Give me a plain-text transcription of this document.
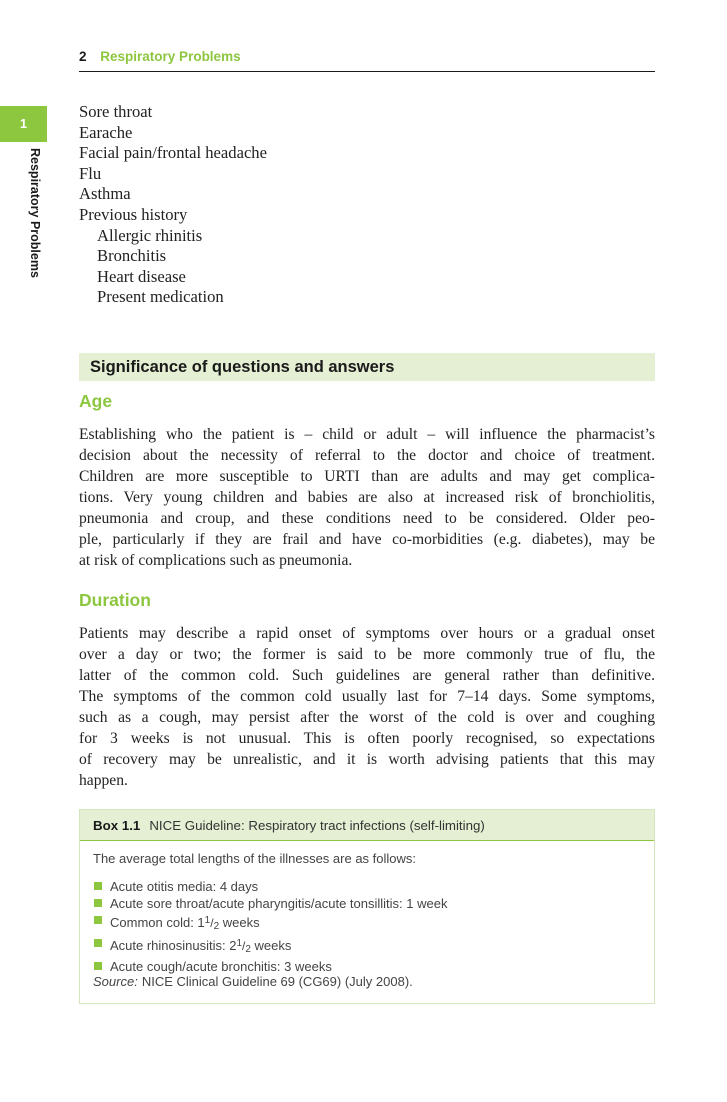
2 Respiratory Problems
1
Respiratory Problems
Sore throat
Earache
Facial pain/frontal headache
Flu
Asthma
Previous history
Allergic rhinitis
Bronchitis
Heart disease
Present medication
Significance of questions and answers
Age

Establishing who the patient is – child or adult – will influence the pharmacist’s
decision about the necessity of referral to the doctor and choice of treatment.
Children are more susceptible to URTI than are adults and may get complica-
tions. Very young children and babies are also at increased risk of bronchiolitis,
pneumonia and croup, and these conditions need to be considered. Older peo-
ple, particularly if they are frail and have co-morbidities (e.g. diabetes), may be
at risk of complications such as pneumonia.

Duration

Patients may describe a rapid onset of symptoms over hours or a gradual onset
over a day or two; the former is said to be more commonly true of flu, the
latter of the common cold. Such guidelines are general rather than definitive.
The symptoms of the common cold usually last for 7–14 days. Some symptoms,
such as a cough, may persist after the worst of the cold is over and coughing
for 3 weeks is not unusual. This is often poorly recognised, so expectations
of recovery may be unrealistic, and it is worth advising patients that this may
happen.

Box 1.1 NICE Guideline: Respiratory tract infections (self-limiting)
The average total lengths of the illnesses are as follows:
Acute otitis media: 4 days
Acute sore throat/acute pharyngitis/acute tonsillitis: 1 week
Common cold: 11/2 weeks
Acute rhinosinusitis: 21/2 weeks
Acute cough/acute bronchitis: 3 weeks
Source: NICE Clinical Guideline 69 (CG69) (July 2008).
